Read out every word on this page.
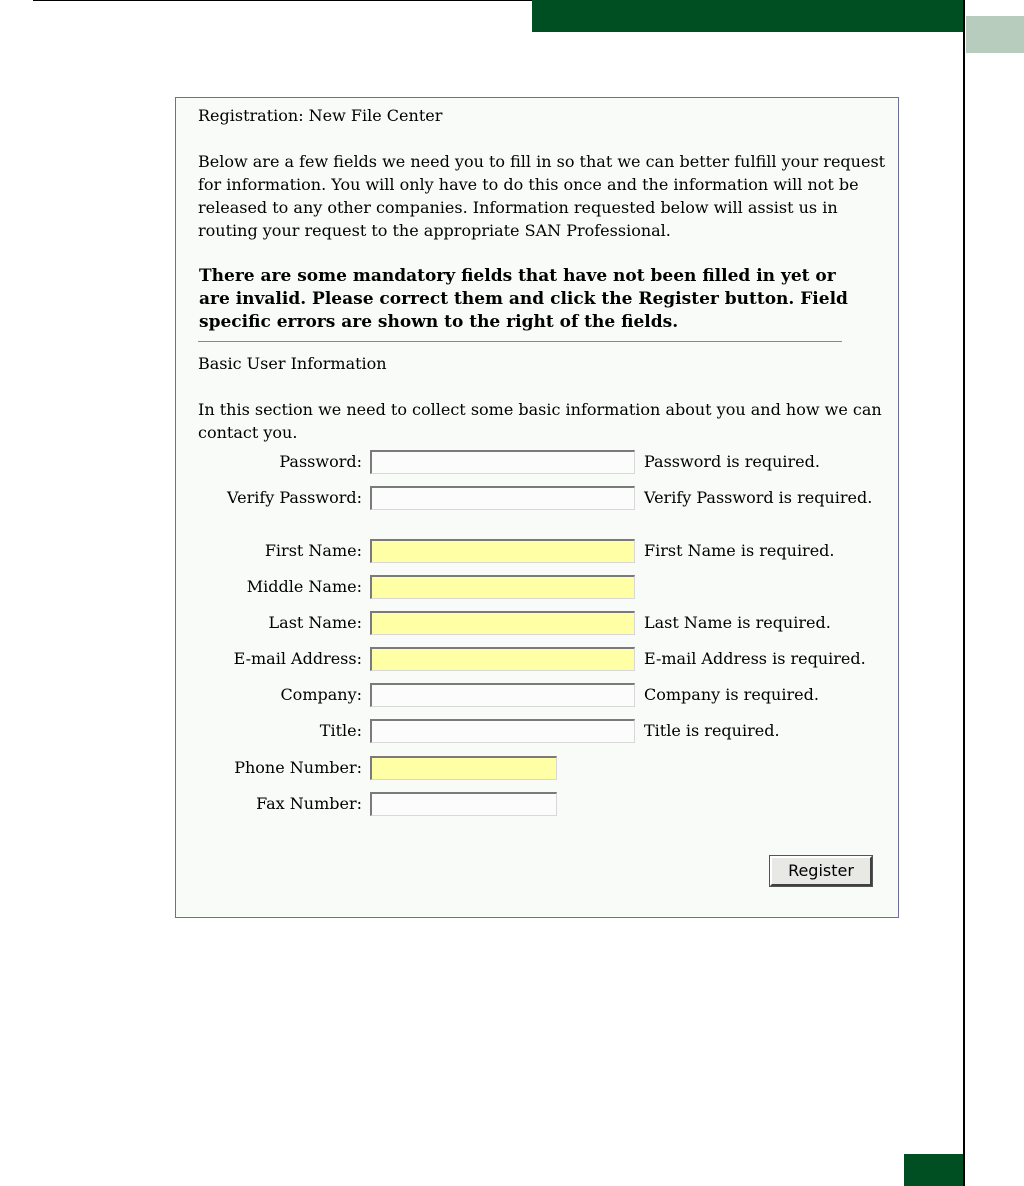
Registration: New File Center
Below are a few fields we need you to fill in so that we can better fulfill your request for information. You will only have to do this once and the information will not be released to any other companies. Information requested below will assist us in routing your request to the appropriate SAN Professional.
There are some mandatory fields that have not been filled in yet or are invalid. Please correct them and click the Register button. Field specific errors are shown to the right of the fields.
Basic User Information
In this section we need to collect some basic information about you and how we can contact you.
Password:	Password is required.
Verify Password:	Verify Password is required.
First Name:	First Name is required.
Middle Name:
Last Name:	Last Name is required.
E-mail Address:	E-mail Address is required.
Company:	Company is required.
Title:	Title is required.
Phone Number:
Fax Number:
Register
